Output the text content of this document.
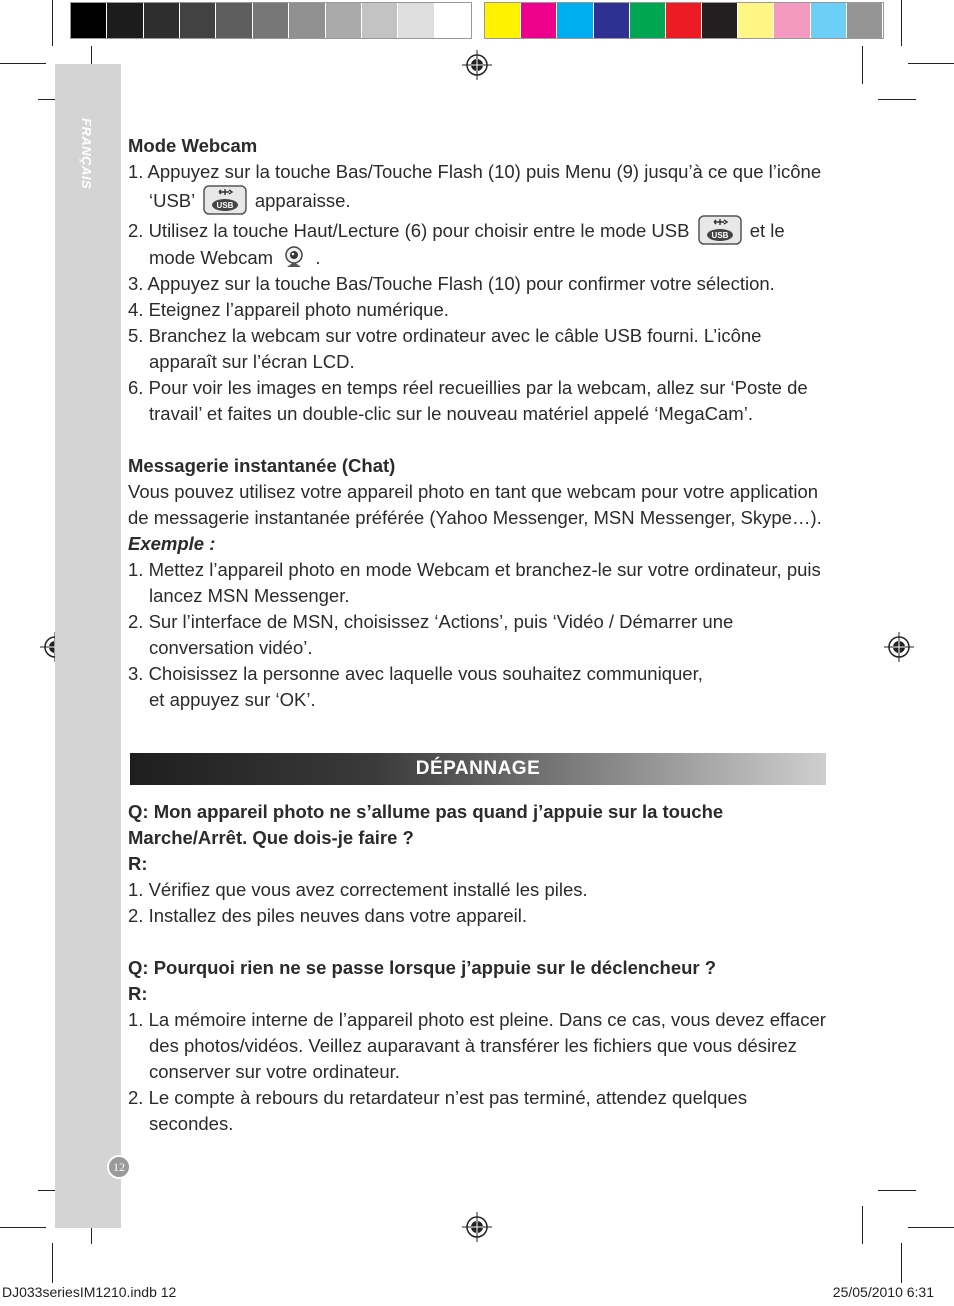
FRANÇAIS
12

Mode Webcam

1. Appuyez sur la touche Bas/Touche Flash (10) puis Menu (9) jusqu’à ce que l’icône ‘USB’	USB apparaisse.

2. Utilisez la touche Haut/Lecture (6) pour choisir entre le mode USB	USB et le mode Webcam .

3. Appuyez sur la touche Bas/Touche Flash (10) pour confirmer votre sélection.

4. Eteignez l’appareil photo numérique.

5. Branchez la webcam sur votre ordinateur avec le câble USB fourni. L’icône apparaît sur l’écran LCD.

6. Pour voir les images en temps réel recueillies par la webcam, allez sur ‘Poste de travail’ et faites un double-clic sur le nouveau matériel appelé ‘MegaCam’.

Messagerie instantanée (Chat)

Vous pouvez utilisez votre appareil photo en tant que webcam pour votre application de messagerie instantanée préférée (Yahoo Messenger, MSN Messenger, Skype…).

Exemple :

1. Mettez l’appareil photo en mode Webcam et branchez-le sur votre ordinateur, puis lancez MSN Messenger.

2. Sur l’interface de MSN, choisissez ‘Actions’, puis ‘Vidéo / Démarrer une conversation vidéo’.

3. Choisissez la personne avec laquelle vous souhaitez communiquer,
et appuyez sur ‘OK’.

DÉPANNAGE

Q: Mon appareil photo ne s’allume pas quand j’appuie sur la touche Marche/Arrêt. Que dois-je faire ?

R:

1. Vérifiez que vous avez correctement installé les piles.

2. Installez des piles neuves dans votre appareil.

Q: Pourquoi rien ne se passe lorsque j’appuie sur le déclencheur ?

R:

1. La mémoire interne de l’appareil photo est pleine. Dans ce cas, vous devez effacer des photos/vidéos. Veillez auparavant à transférer les fichiers que vous désirez conserver sur votre ordinateur.

2. Le compte à rebours du retardateur n’est pas terminé, attendez quelques secondes.

DJ033seriesIM1210.indb 12	25/05/2010 6:31
